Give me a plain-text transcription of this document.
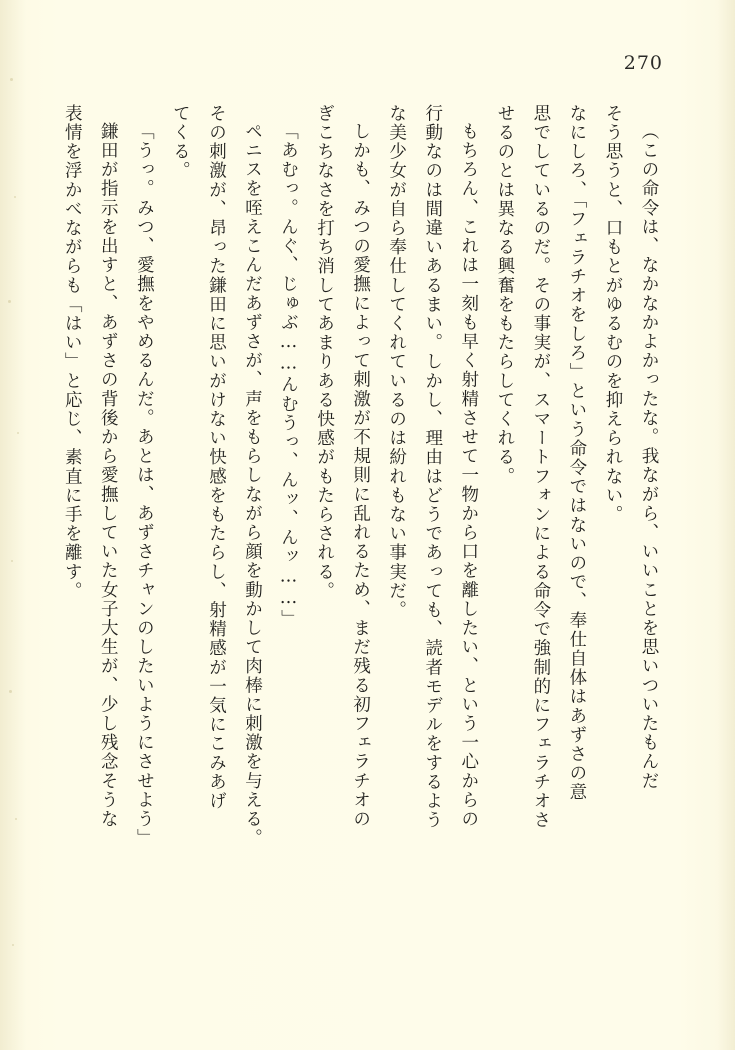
270

（この命令は、なかなかよかったな。我ながら、いいことを思いついたもんだ

そう思うと、口もとがゆるむのを抑えられない。

なにしろ、「フェラチオをしろ」という命令ではないので、奉仕自体はあずさの意

思でしているのだ。その事実が、スマートフォンによる命令で強制的にフェラチオさ

せるのとは異なる興奮をもたらしてくれる。

もちろん、これは一刻も早く射精させて一物から口を離したい、という一心からの

行動なのは間違いあるまい。しかし、理由はどうであっても、読者モデルをするよう

な美少女が自ら奉仕してくれているのは紛れもない事実だ。

しかも、みつの愛撫によって刺激が不規則に乱れるため、まだ残る初フェラチオの

ぎこちなさを打ち消してあまりある快感がもたらされる。

「あむっ。んぐ、じゅぶ……んむうっ、んッ、んッ……」

ペニスを咥えこんだあずさが、声をもらしながら顔を動かして肉棒に刺激を与える。

その刺激が、昂った鎌田に思いがけない快感をもたらし、射精感が一気にこみあげ

てくる。

「うっ。みつ、愛撫をやめるんだ。あとは、あずさチャンのしたいようにさせよう」

鎌田が指示を出すと、あずさの背後から愛撫していた女子大生が、少し残念そうな

表情を浮かべながらも「はい」と応じ、素直に手を離す。
